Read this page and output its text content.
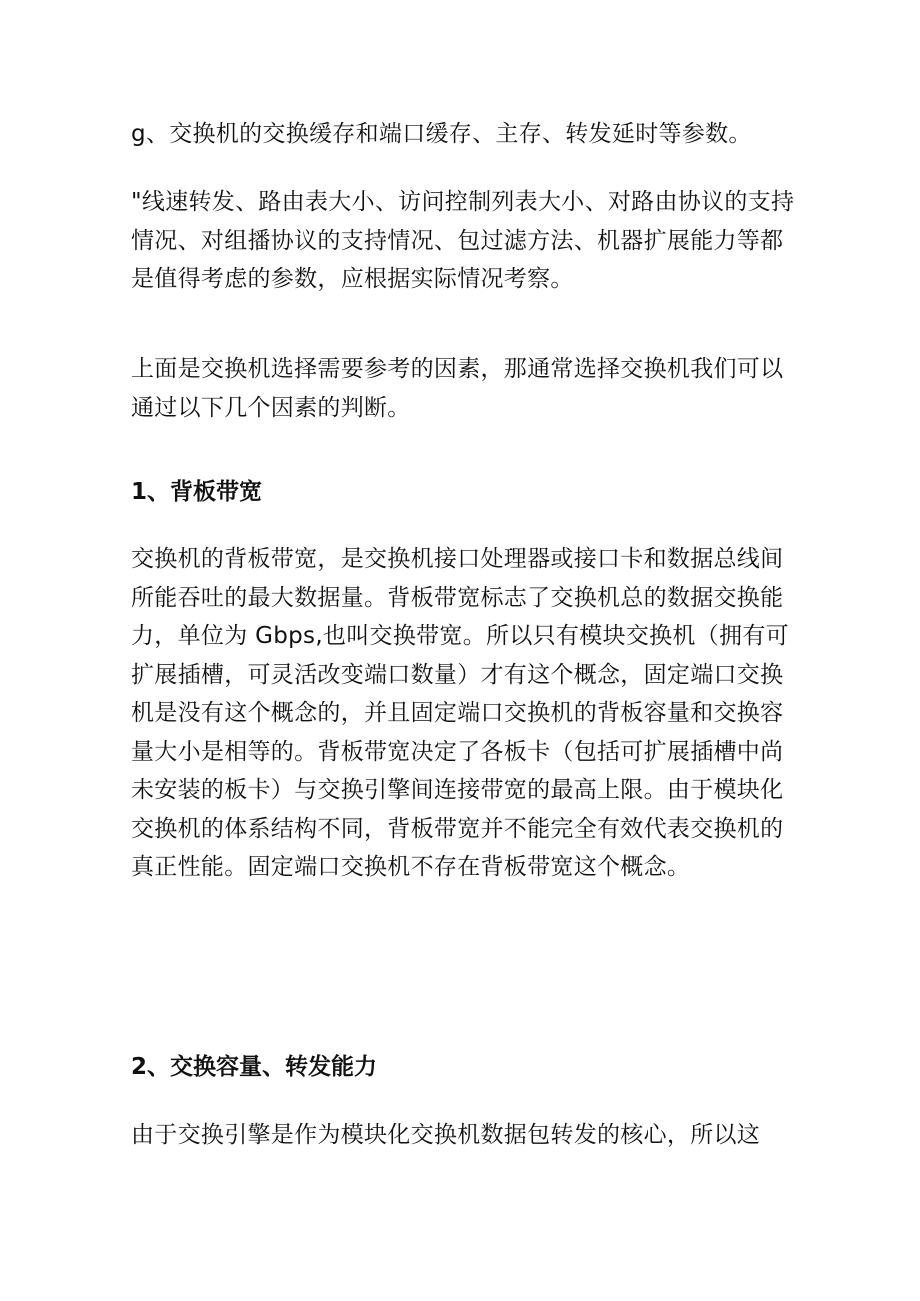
g、交换机的交换缓存和端口缓存、主存、转发延时等参数。

"线速转发、路由表大小、访问控制列表大小、对路由协议的支持情况、对组播协议的支持情况、包过滤方法、机器扩展能力等都是值得考虑的参数，应根据实际情况考察。

上面是交换机选择需要参考的因素，那通常选择交换机我们可以通过以下几个因素的判断。

1、背板带宽

交换机的背板带宽，是交换机接口处理器或接口卡和数据总线间所能吞吐的最大数据量。背板带宽标志了交换机总的数据交换能力，单位为 Gbps,也叫交换带宽。所以只有模块交换机（拥有可扩展插槽，可灵活改变端口数量）才有这个概念，固定端口交换机是没有这个概念的，并且固定端口交换机的背板容量和交换容量大小是相等的。背板带宽决定了各板卡（包括可扩展插槽中尚未安装的板卡）与交换引擎间连接带宽的最高上限。由于模块化交换机的体系结构不同，背板带宽并不能完全有效代表交换机的真正性能。固定端口交换机不存在背板带宽这个概念。

2、交换容量、转发能力

由于交换引擎是作为模块化交换机数据包转发的核心，所以这
